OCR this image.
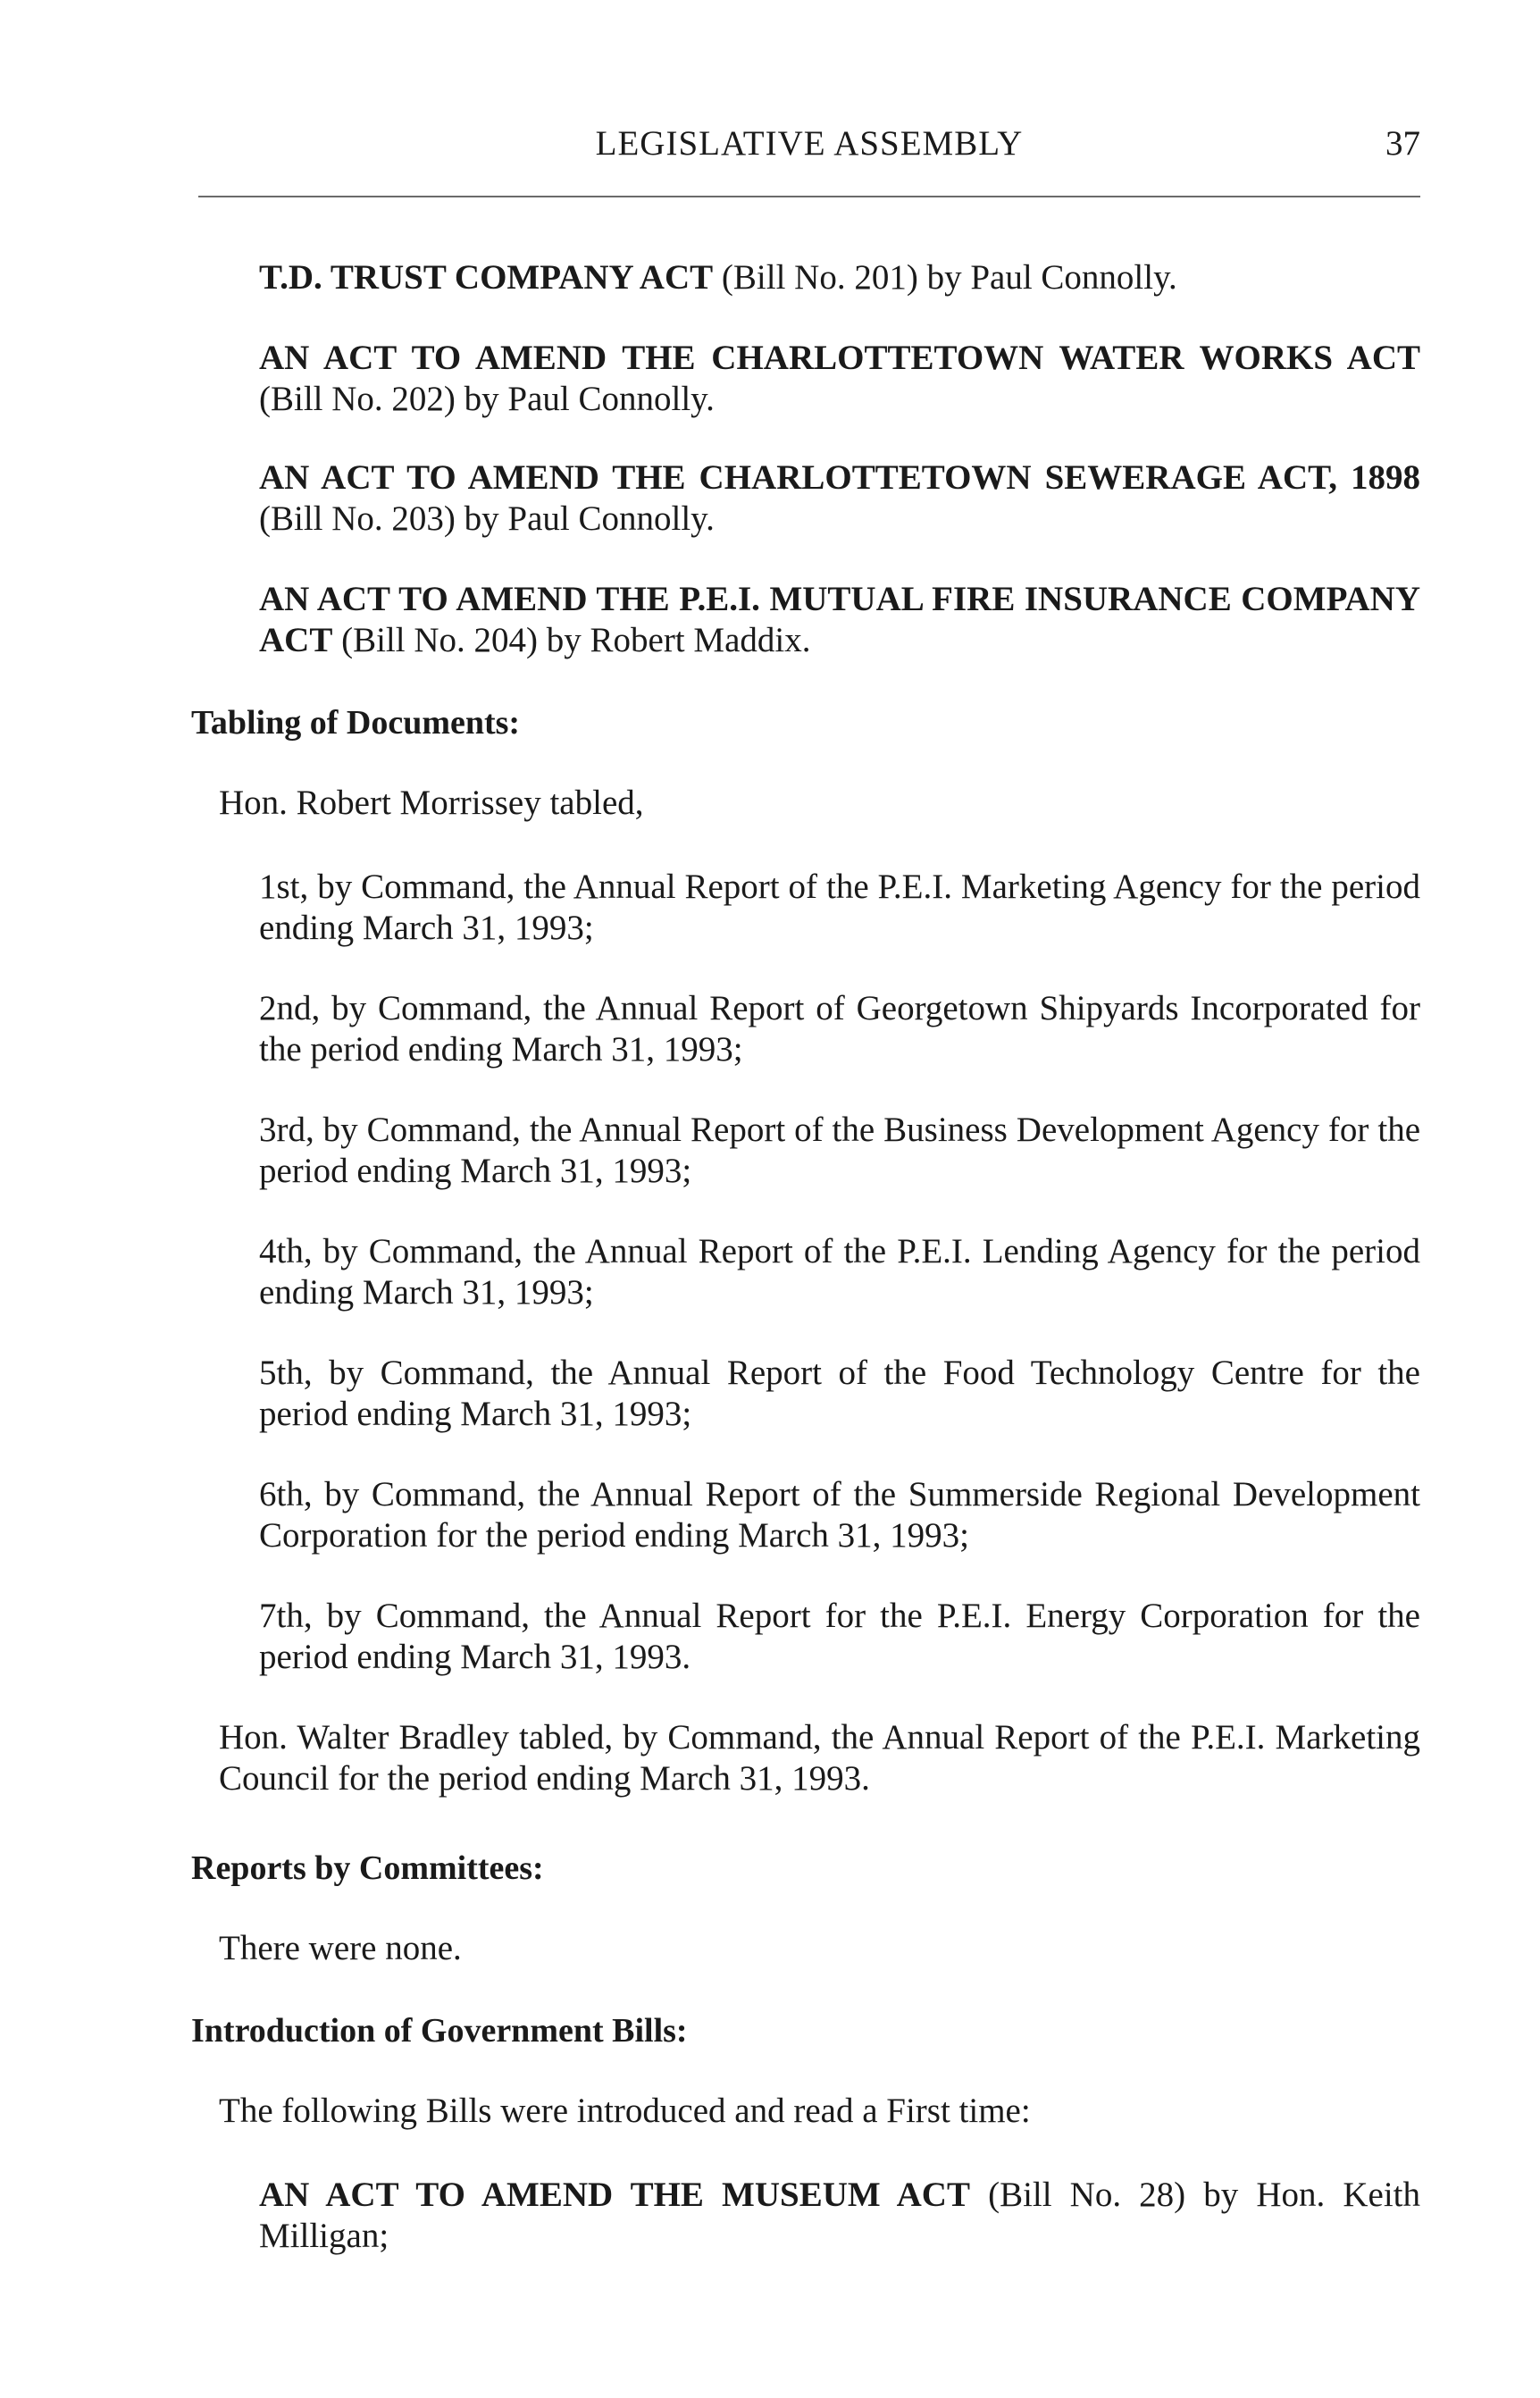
LEGISLATIVE ASSEMBLY	37
T.D. TRUST COMPANY ACT (Bill No. 201) by Paul Connolly.
AN ACT TO AMEND THE CHARLOTTETOWN WATER WORKS ACT (Bill No. 202) by Paul Connolly.
AN ACT TO AMEND THE CHARLOTTETOWN SEWERAGE ACT, 1898 (Bill No. 203) by Paul Connolly.
AN ACT TO AMEND THE P.E.I. MUTUAL FIRE INSURANCE COMPANY ACT (Bill No. 204) by Robert Maddix.
Tabling of Documents:
Hon. Robert Morrissey tabled,
1st, by Command, the Annual Report of the P.E.I. Marketing Agency for the period ending March 31, 1993;
2nd, by Command, the Annual Report of Georgetown Shipyards Incorporated for the period ending March 31, 1993;
3rd, by Command, the Annual Report of the Business Development Agency for the period ending March 31, 1993;
4th, by Command, the Annual Report of the P.E.I. Lending Agency for the period ending March 31, 1993;
5th, by Command, the Annual Report of the Food Technology Centre for the period ending March 31, 1993;
6th, by Command, the Annual Report of the Summerside Regional Development Corporation for the period ending March 31, 1993;
7th, by Command, the Annual Report for the P.E.I. Energy Corporation for the period ending March 31, 1993.
Hon. Walter Bradley tabled, by Command, the Annual Report of the P.E.I. Marketing Council for the period ending March 31, 1993.
Reports by Committees:
There were none.
Introduction of Government Bills:
The following Bills were introduced and read a First time:
AN ACT TO AMEND THE MUSEUM ACT (Bill No. 28) by Hon. Keith Milligan;
